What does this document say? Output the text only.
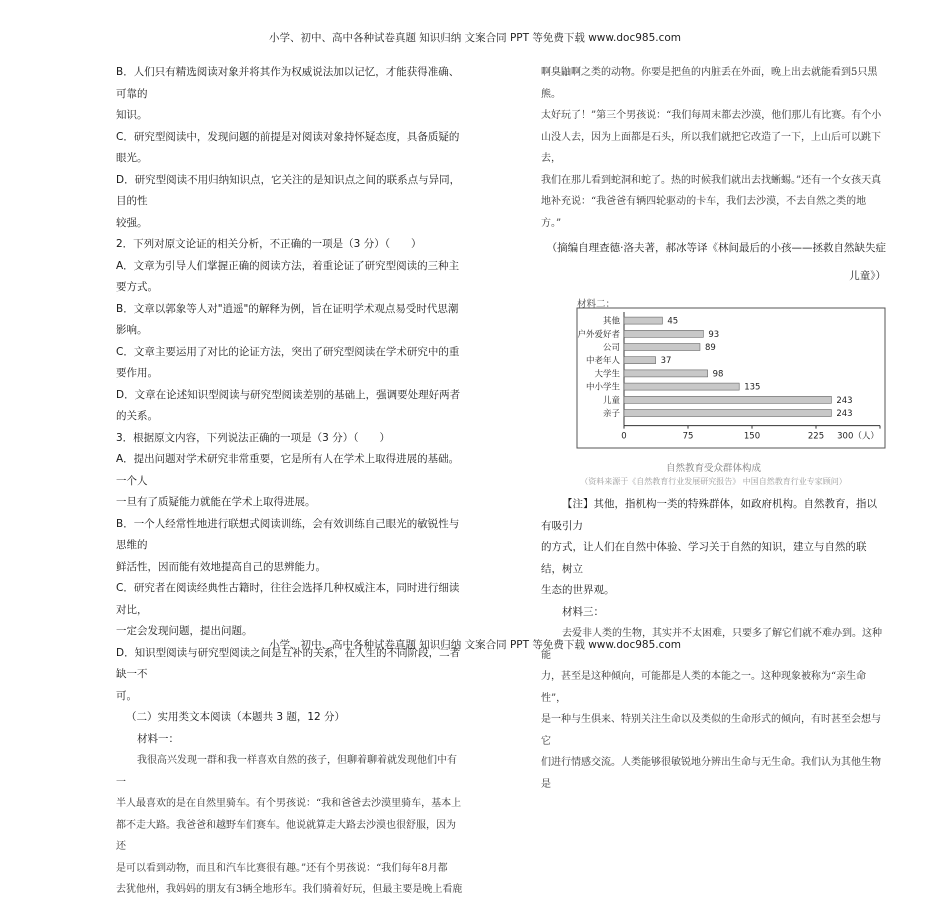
小学、初中、高中各种试卷真题 知识归纳 文案合同 PPT 等免费下载 www.doc985.com

B．人们只有精选阅读对象并将其作为权威说法加以记忆，才能获得准确、可靠的

知识。

C．研究型阅读中，发现问题的前提是对阅读对象持怀疑态度，具备质疑的眼光。

D．研究型阅读不用归纳知识点，它关注的是知识点之间的联系点与异同，目的性

较强。

2．下列对原文论证的相关分析，不正确的一项是（3 分）（　　）

A．文章为引导人们掌握正确的阅读方法，着重论证了研究型阅读的三种主要方式。

B．文章以郭象等人对"逍遥"的解释为例，旨在证明学术观点易受时代思潮影响。

C．文章主要运用了对比的论证方法，突出了研究型阅读在学术研究中的重要作用。

D．文章在论述知识型阅读与研究型阅读差别的基础上，强调要处理好两者的关系。

3．根据原文内容，下列说法正确的一项是（3 分）（　　）

A．提出问题对学术研究非常重要，它是所有人在学术上取得进展的基础。一个人

一旦有了质疑能力就能在学术上取得进展。

B．一个人经常性地进行联想式阅读训练，会有效训练自己眼光的敏锐性与思维的

鲜活性，因而能有效地提高自己的思辨能力。

C．研究者在阅读经典性古籍时，往往会选择几种权威注本，同时进行细读对比，

一定会发现问题，提出问题。

D．知识型阅读与研究型阅读之间是互补的关系，在人生的不同阶段，二者缺一不

可。

（二）实用类文本阅读（本题共 3 题，12 分）

材料一：

我很高兴发现一群和我一样喜欢自然的孩子，但聊着聊着就发现他们中有一

半人最喜欢的是在自然里骑车。有个男孩说：“我和爸爸去沙漠里骑车，基本上

都不走大路。我爸爸和越野车们赛车。他说就算走大路去沙漠也很舒服，因为还

是可以看到动物，而且和汽车比赛很有趣。”还有个男孩说：“我们每年8月都

去犹他州，我妈妈的朋友有3辆全地形车。我们骑着好玩，但最主要是晚上看鹿

啊臭鼬啊之类的动物。你要是把鱼的内脏丢在外面，晚上出去就能看到5只黑熊。

太好玩了！”第三个男孩说：“我们每周末都去沙漠，他们那儿有比赛。有个小

山没人去，因为上面都是石头，所以我们就把它改造了一下，上山后可以跳下去，

我们在那儿看到蛇洞和蛇了。热的时候我们就出去找蜥蜴。”还有一个女孩天真

地补充说：“我爸爸有辆四轮驱动的卡车，我们去沙漠，不去自然之类的地

方。”

（摘编自理查德·洛夫著，郝冰等译《林间最后的小孩——拯救自然缺失症

儿童》）

材料二：
其他	45
户外爱好者	93
公司	89
中老年人	37
大学生	98
中小学生	135
儿童	243
亲子	243
0	75	150	225 300（人）

自然教育受众群体构成

（资料来源于《自然教育行业发展研究报告》 中国自然教育行业专家顾问）

【注】其他，指机构一类的特殊群体，如政府机构。自然教育，指以有吸引力

的方式，让人们在自然中体验、学习关于自然的知识，建立与自然的联结，树立

生态的世界观。

材料三：

去爱非人类的生物，其实并不太困难，只要多了解它们就不难办到。这种能

力，甚至是这种倾向，可能都是人类的本能之一。这种现象被称为“亲生命性”，

是一种与生俱来、特别关注生命以及类似的生命形式的倾向，有时甚至会想与它

们进行情感交流。人类能够很敏锐地分辨出生命与无生命。我们认为其他生物是

小学、初中、高中各种试卷真题 知识归纳 文案合同 PPT 等免费下载 www.doc985.com
